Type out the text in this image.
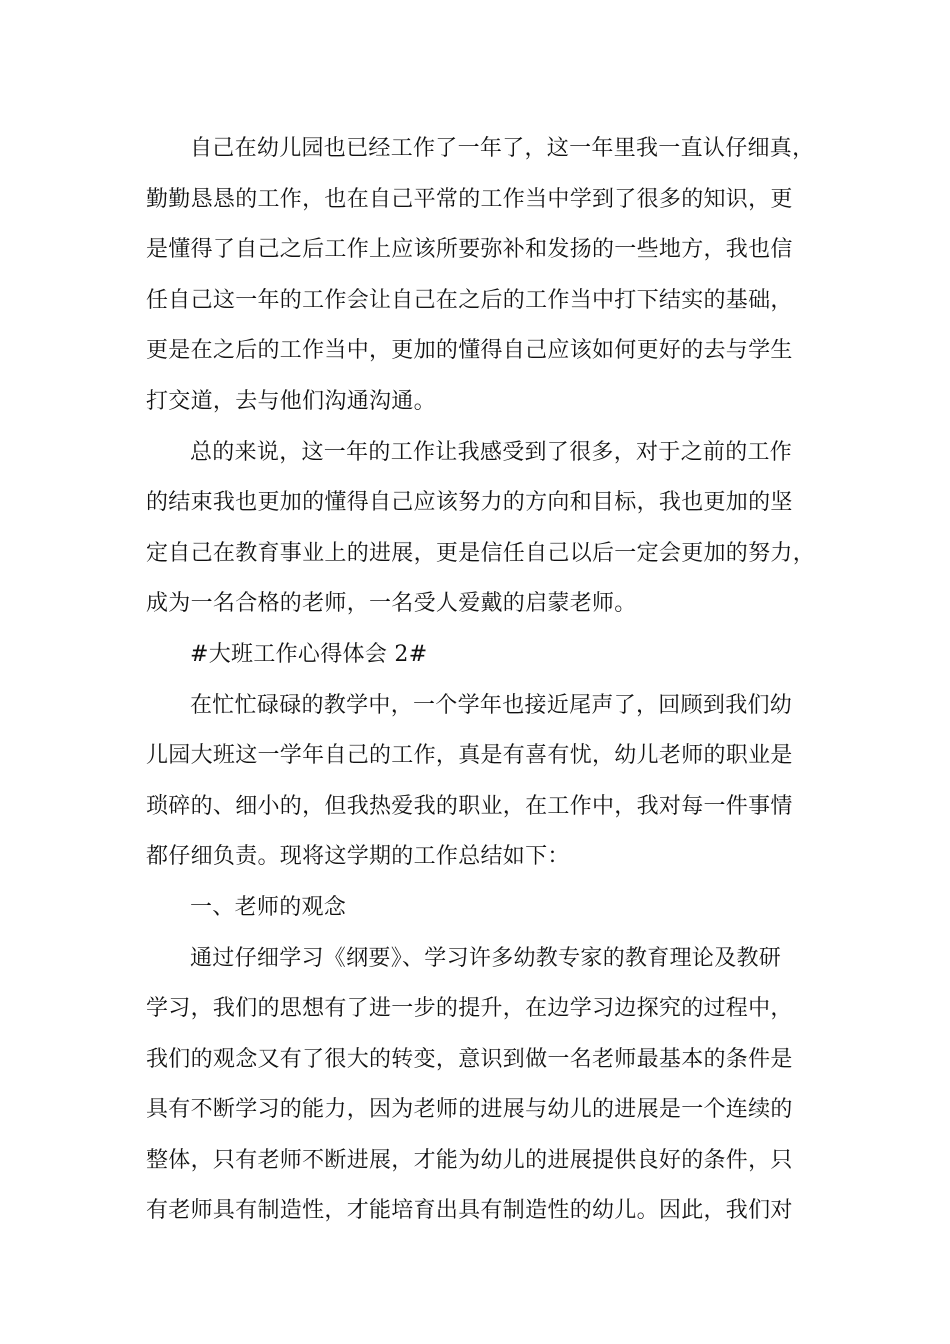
自己在幼儿园也已经工作了一年了，这一年里我一直认仔细真，
勤勤恳恳的工作，也在自己平常的工作当中学到了很多的知识，更
是懂得了自己之后工作上应该所要弥补和发扬的一些地方，我也信
任自己这一年的工作会让自己在之后的工作当中打下结实的基础，
更是在之后的工作当中，更加的懂得自己应该如何更好的去与学生
打交道，去与他们沟通沟通。
总的来说，这一年的工作让我感受到了很多，对于之前的工作
的结束我也更加的懂得自己应该努力的方向和目标，我也更加的坚
定自己在教育事业上的进展，更是信任自己以后一定会更加的努力，
成为一名合格的老师，一名受人爱戴的启蒙老师。
#大班工作心得体会 2#
在忙忙碌碌的教学中，一个学年也接近尾声了，回顾到我们幼
儿园大班这一学年自己的工作，真是有喜有忧，幼儿老师的职业是
琐碎的、细小的，但我热爱我的职业，在工作中，我对每一件事情
都仔细负责。现将这学期的工作总结如下：
一、老师的观念
通过仔细学习《纲要》、学习许多幼教专家的教育理论及教研
学习，我们的思想有了进一步的提升，在边学习边探究的过程中，
我们的观念又有了很大的转变，意识到做一名老师最基本的条件是
具有不断学习的能力，因为老师的进展与幼儿的进展是一个连续的
整体，只有老师不断进展，才能为幼儿的进展提供良好的条件，只
有老师具有制造性，才能培育出具有制造性的幼儿。因此，我们对
